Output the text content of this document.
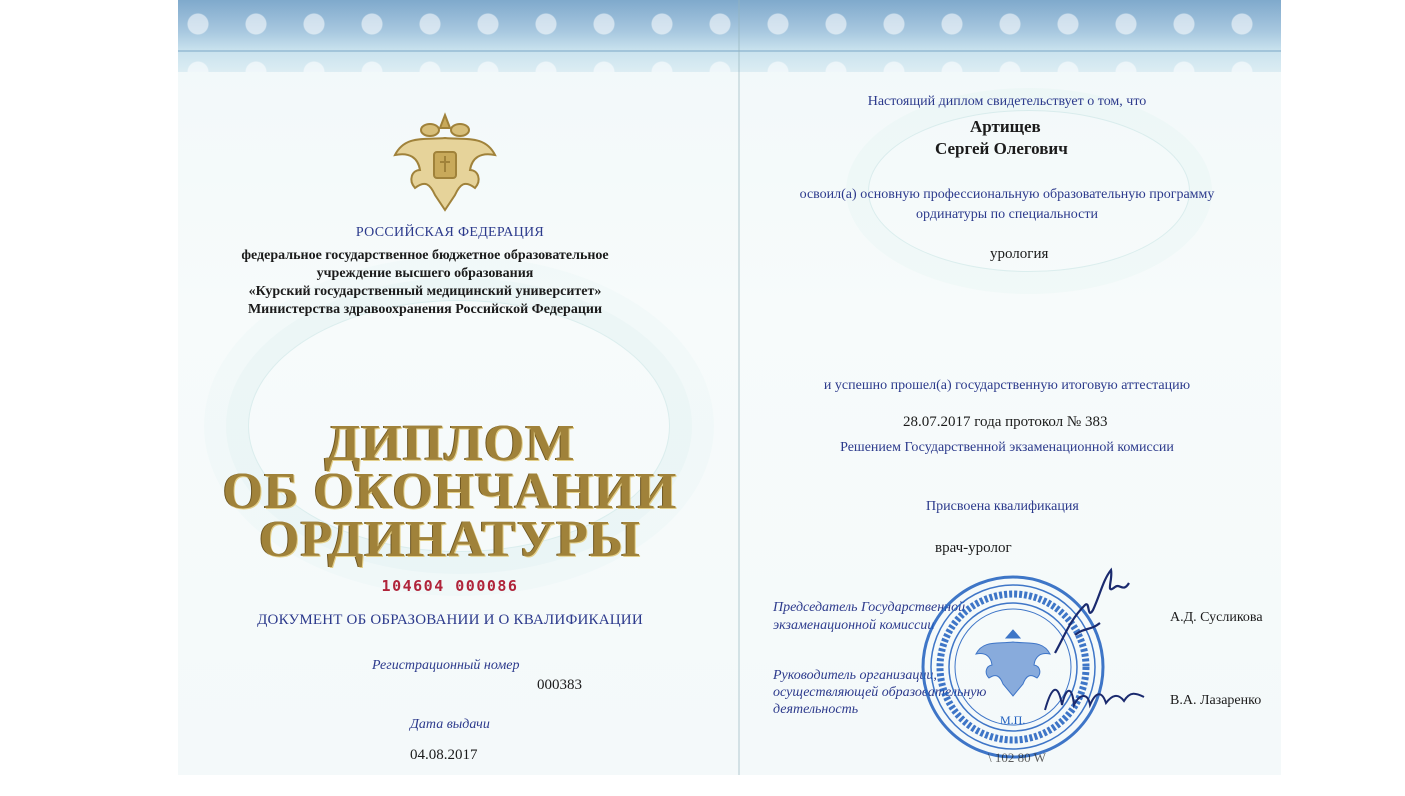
РОССИЙСКАЯ ФЕДЕРАЦИЯ
федеральное государственное бюджетное образовательное
учреждение высшего образования
«Курский государственный медицинский университет»
Министерства здравоохранения Российской Федерации
ДИПЛОМ
ОБ ОКОНЧАНИИ
ОРДИНАТУРЫ
104604 000086
ДОКУМЕНТ ОБ ОБРАЗОВАНИИ И О КВАЛИФИКАЦИИ
Регистрационный номер
000383
Дата выдачи
04.08.2017
Настоящий диплом свидетельствует о том, что
Артищев
Сергей Олегович
освоил(а) основную профессиональную образовательную программу
ординатуры по специальности
урология
и успешно прошел(а) государственную итоговую аттестацию
28.07.2017 года протокол № 383
Решением Государственной экзаменационной комиссии
Присвоена квалификация
врач-уролог
Председатель Государственной
экзаменационной комиссии
А.Д. Сусликова
Руководитель организации,
осуществляющей образовательную
деятельность
В.А. Лазаренко
М.П.
\ 102 80 W
